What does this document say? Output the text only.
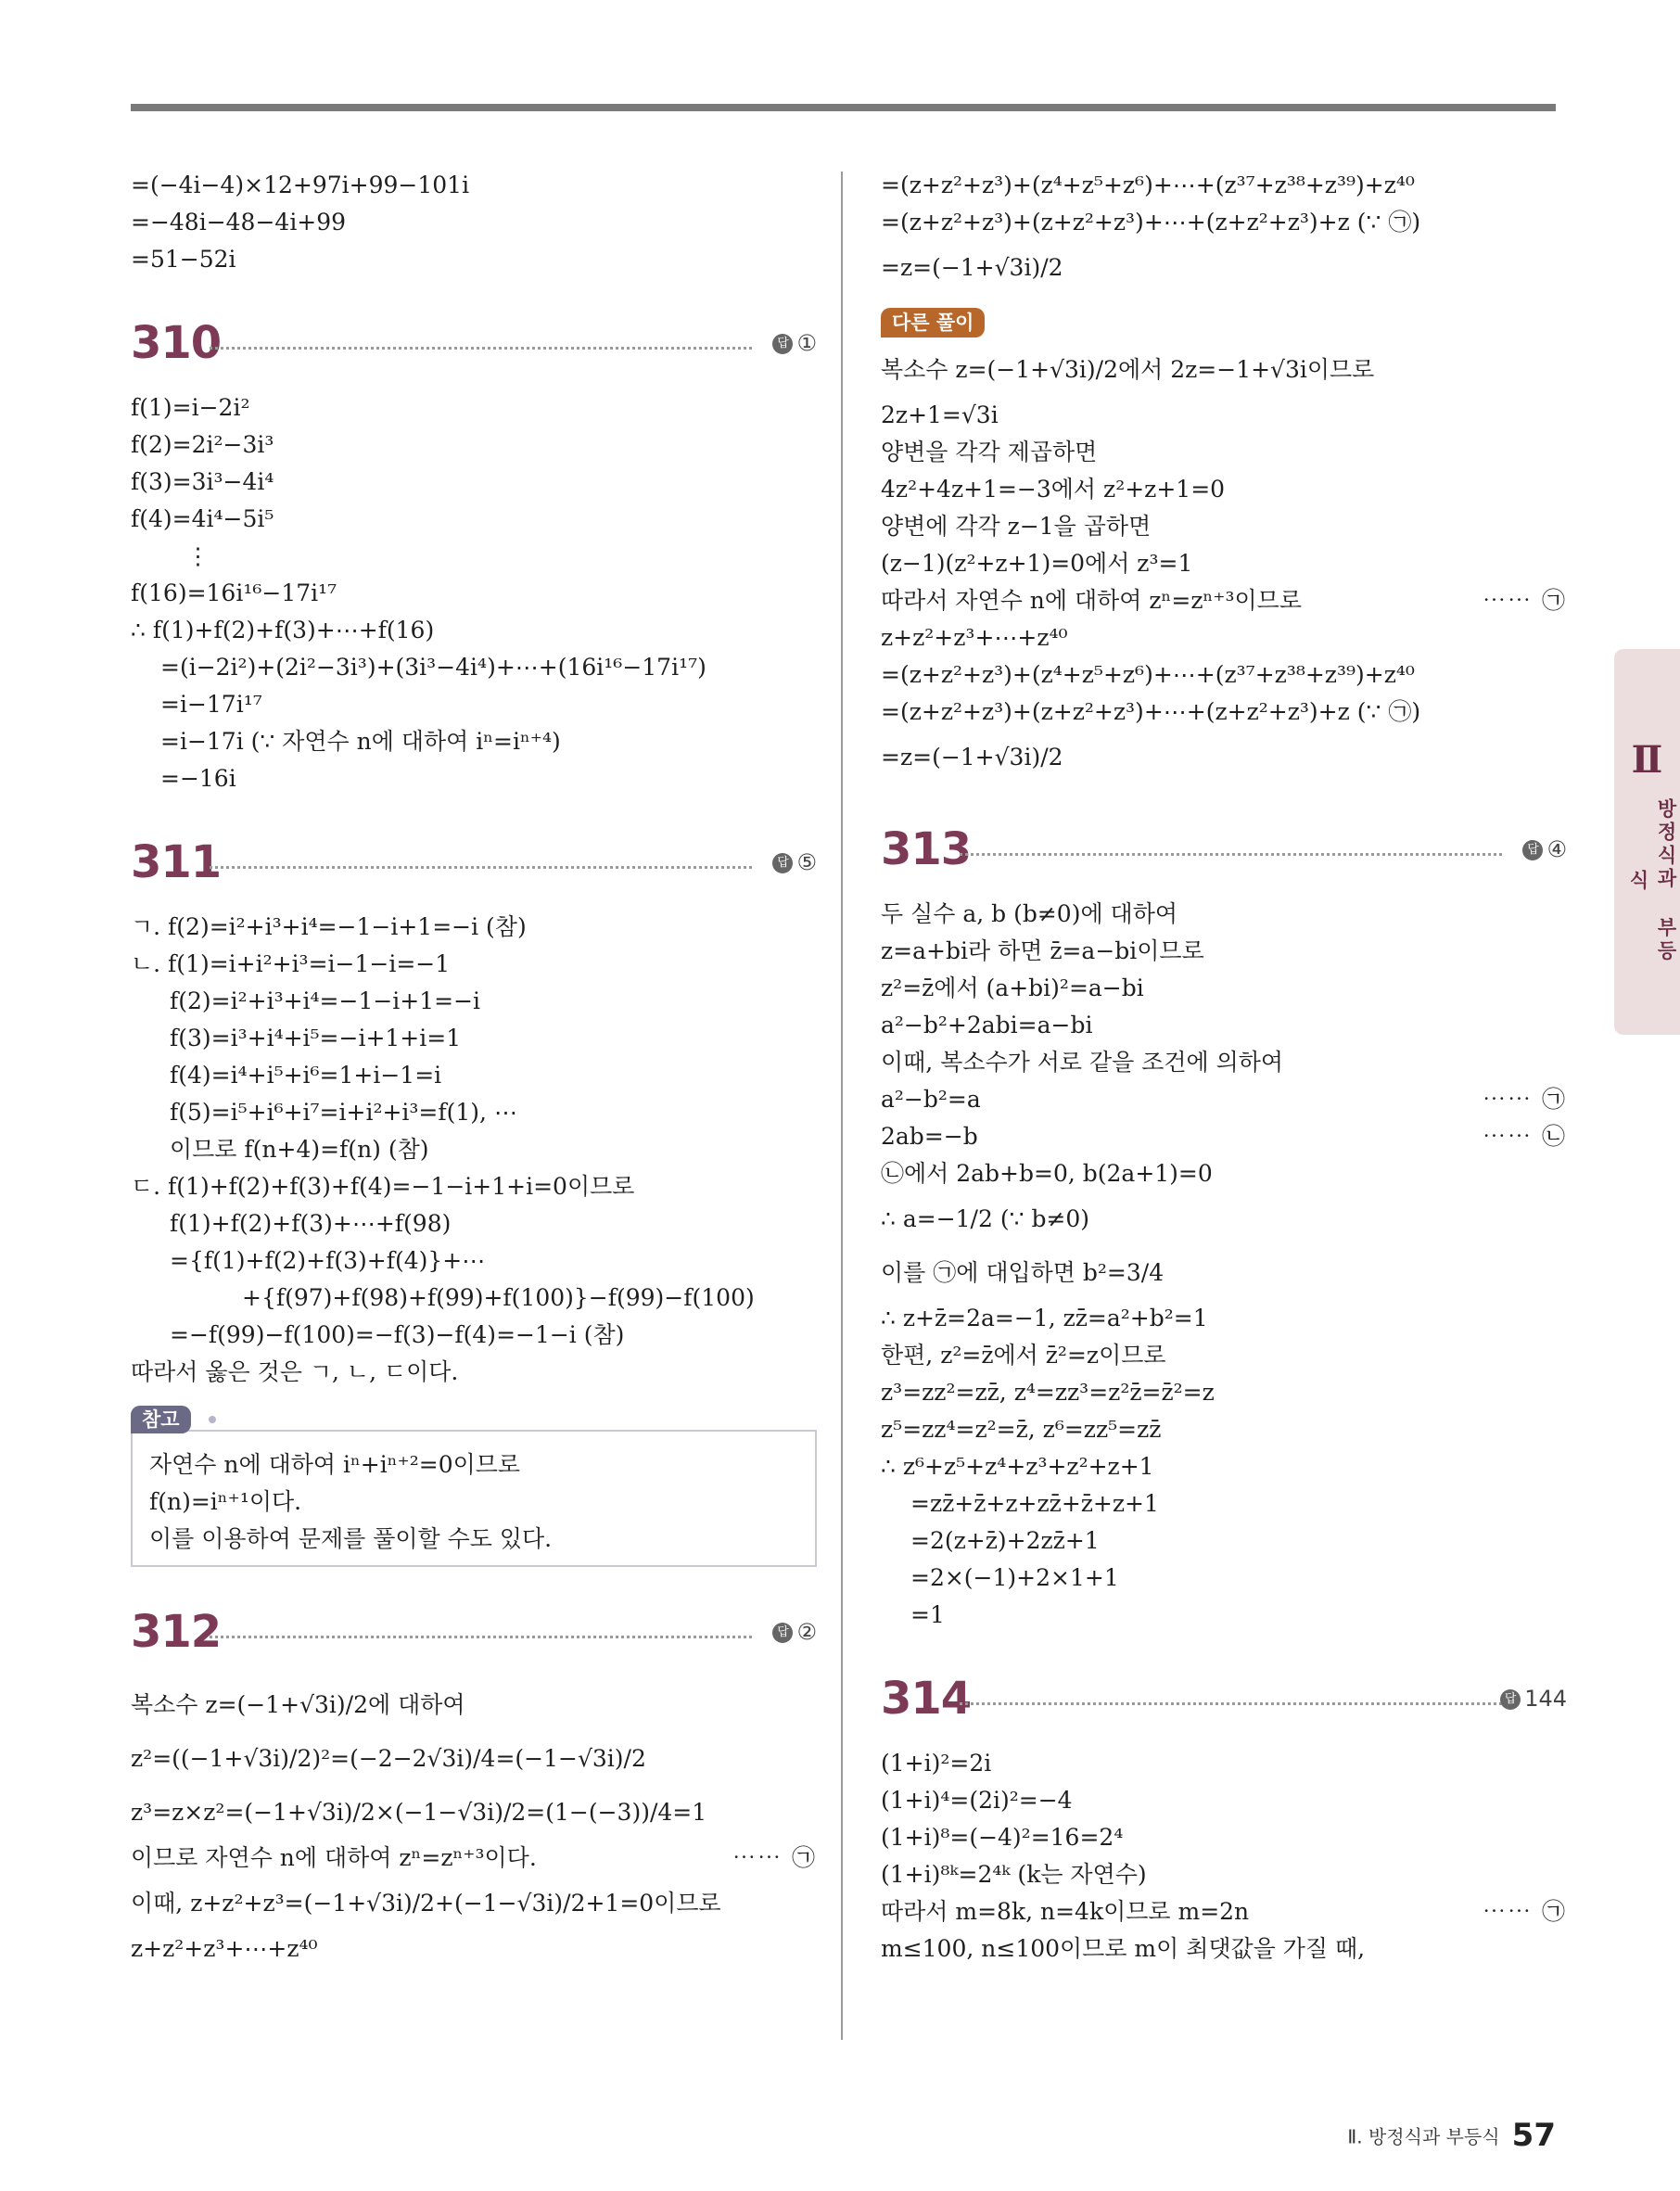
=(−4i−4)×12+97i+99−101i
=−48i−48−4i+99
=51−52i
310	답 ①
f(1)=i−2i²
f(2)=2i²−3i³
f(3)=3i³−4i⁴
f(4)=4i⁴−5i⁵
⋮
f(16)=16i¹⁶−17i¹⁷
∴ f(1)+f(2)+f(3)+⋯+f(16)
=(i−2i²)+(2i²−3i³)+(3i³−4i⁴)+⋯+(16i¹⁶−17i¹⁷)
=i−17i¹⁷
=i−17i (∵ 자연수 n에 대하여 iⁿ=iⁿ⁺⁴)
=−16i
311	답 ⑤
ㄱ. f(2)=i²+i³+i⁴=−1−i+1=−i (참)
ㄴ. f(1)=i+i²+i³=i−1−i=−1
f(2)=i²+i³+i⁴=−1−i+1=−i
f(3)=i³+i⁴+i⁵=−i+1+i=1
f(4)=i⁴+i⁵+i⁶=1+i−1=i
f(5)=i⁵+i⁶+i⁷=i+i²+i³=f(1), ⋯
이므로 f(n+4)=f(n) (참)
ㄷ. f(1)+f(2)+f(3)+f(4)=−1−i+1+i=0이므로
f(1)+f(2)+f(3)+⋯+f(98)
={f(1)+f(2)+f(3)+f(4)}+⋯
+{f(97)+f(98)+f(99)+f(100)}−f(99)−f(100)
=−f(99)−f(100)=−f(3)−f(4)=−1−i (참)
따라서 옳은 것은 ㄱ, ㄴ, ㄷ이다.
참고
자연수 n에 대하여 iⁿ+iⁿ⁺²=0이므로
f(n)=iⁿ⁺¹이다.
이를 이용하여 문제를 풀이할 수도 있다.
312	답 ②
복소수 z=(−1+√3i)/2에 대하여
z²=((−1+√3i)/2)²=(−2−2√3i)/4=(−1−√3i)/2
z³=z×z²=(−1+√3i)/2×(−1−√3i)/2=(1−(−3))/4=1
이므로 자연수 n에 대하여 zⁿ=zⁿ⁺³이다.	⋯⋯ ㉠
이때, z+z²+z³=(−1+√3i)/2+(−1−√3i)/2+1=0이므로
z+z²+z³+⋯+z⁴⁰
=(z+z²+z³)+(z⁴+z⁵+z⁶)+⋯+(z³⁷+z³⁸+z³⁹)+z⁴⁰
=(z+z²+z³)+(z+z²+z³)+⋯+(z+z²+z³)+z (∵ ㉠)
=z=(−1+√3i)/2
다른 풀이
복소수 z=(−1+√3i)/2에서 2z=−1+√3i이므로
2z+1=√3i
양변을 각각 제곱하면
4z²+4z+1=−3에서 z²+z+1=0
양변에 각각 z−1을 곱하면
(z−1)(z²+z+1)=0에서 z³=1
따라서 자연수 n에 대하여 zⁿ=zⁿ⁺³이므로	⋯⋯ ㉠
z+z²+z³+⋯+z⁴⁰
=(z+z²+z³)+(z⁴+z⁵+z⁶)+⋯+(z³⁷+z³⁸+z³⁹)+z⁴⁰
=(z+z²+z³)+(z+z²+z³)+⋯+(z+z²+z³)+z (∵ ㉠)
=z=(−1+√3i)/2
313	답 ④
두 실수 a, b (b≠0)에 대하여
z=a+bi라 하면 z̄=a−bi이므로
z²=z̄에서 (a+bi)²=a−bi
a²−b²+2abi=a−bi
이때, 복소수가 서로 같을 조건에 의하여
a²−b²=a	⋯⋯ ㉠
2ab=−b	⋯⋯ ㉡
㉡에서 2ab+b=0, b(2a+1)=0
∴ a=−1/2 (∵ b≠0)
이를 ㉠에 대입하면 b²=3/4
∴ z+z̄=2a=−1, zz̄=a²+b²=1
한편, z²=z̄에서 z̄²=z이므로
z³=zz²=zz̄, z⁴=zz³=z²z̄=z̄²=z
z⁵=zz⁴=z²=z̄, z⁶=zz⁵=zz̄
∴ z⁶+z⁵+z⁴+z³+z²+z+1
=zz̄+z̄+z+zz̄+z̄+z+1
=2(z+z̄)+2zz̄+1
=2×(−1)+2×1+1
=1
314	답 144
(1+i)²=2i
(1+i)⁴=(2i)²=−4
(1+i)⁸=(−4)²=16=2⁴
(1+i)⁸ᵏ=2⁴ᵏ (k는 자연수)
따라서 m=8k, n=4k이므로 m=2n	⋯⋯ ㉠
m≤100, n≤100이므로 m이 최댓값을 가질 때,
Ⅱ
방정식과 부등식
Ⅱ. 방정식과 부등식 57
